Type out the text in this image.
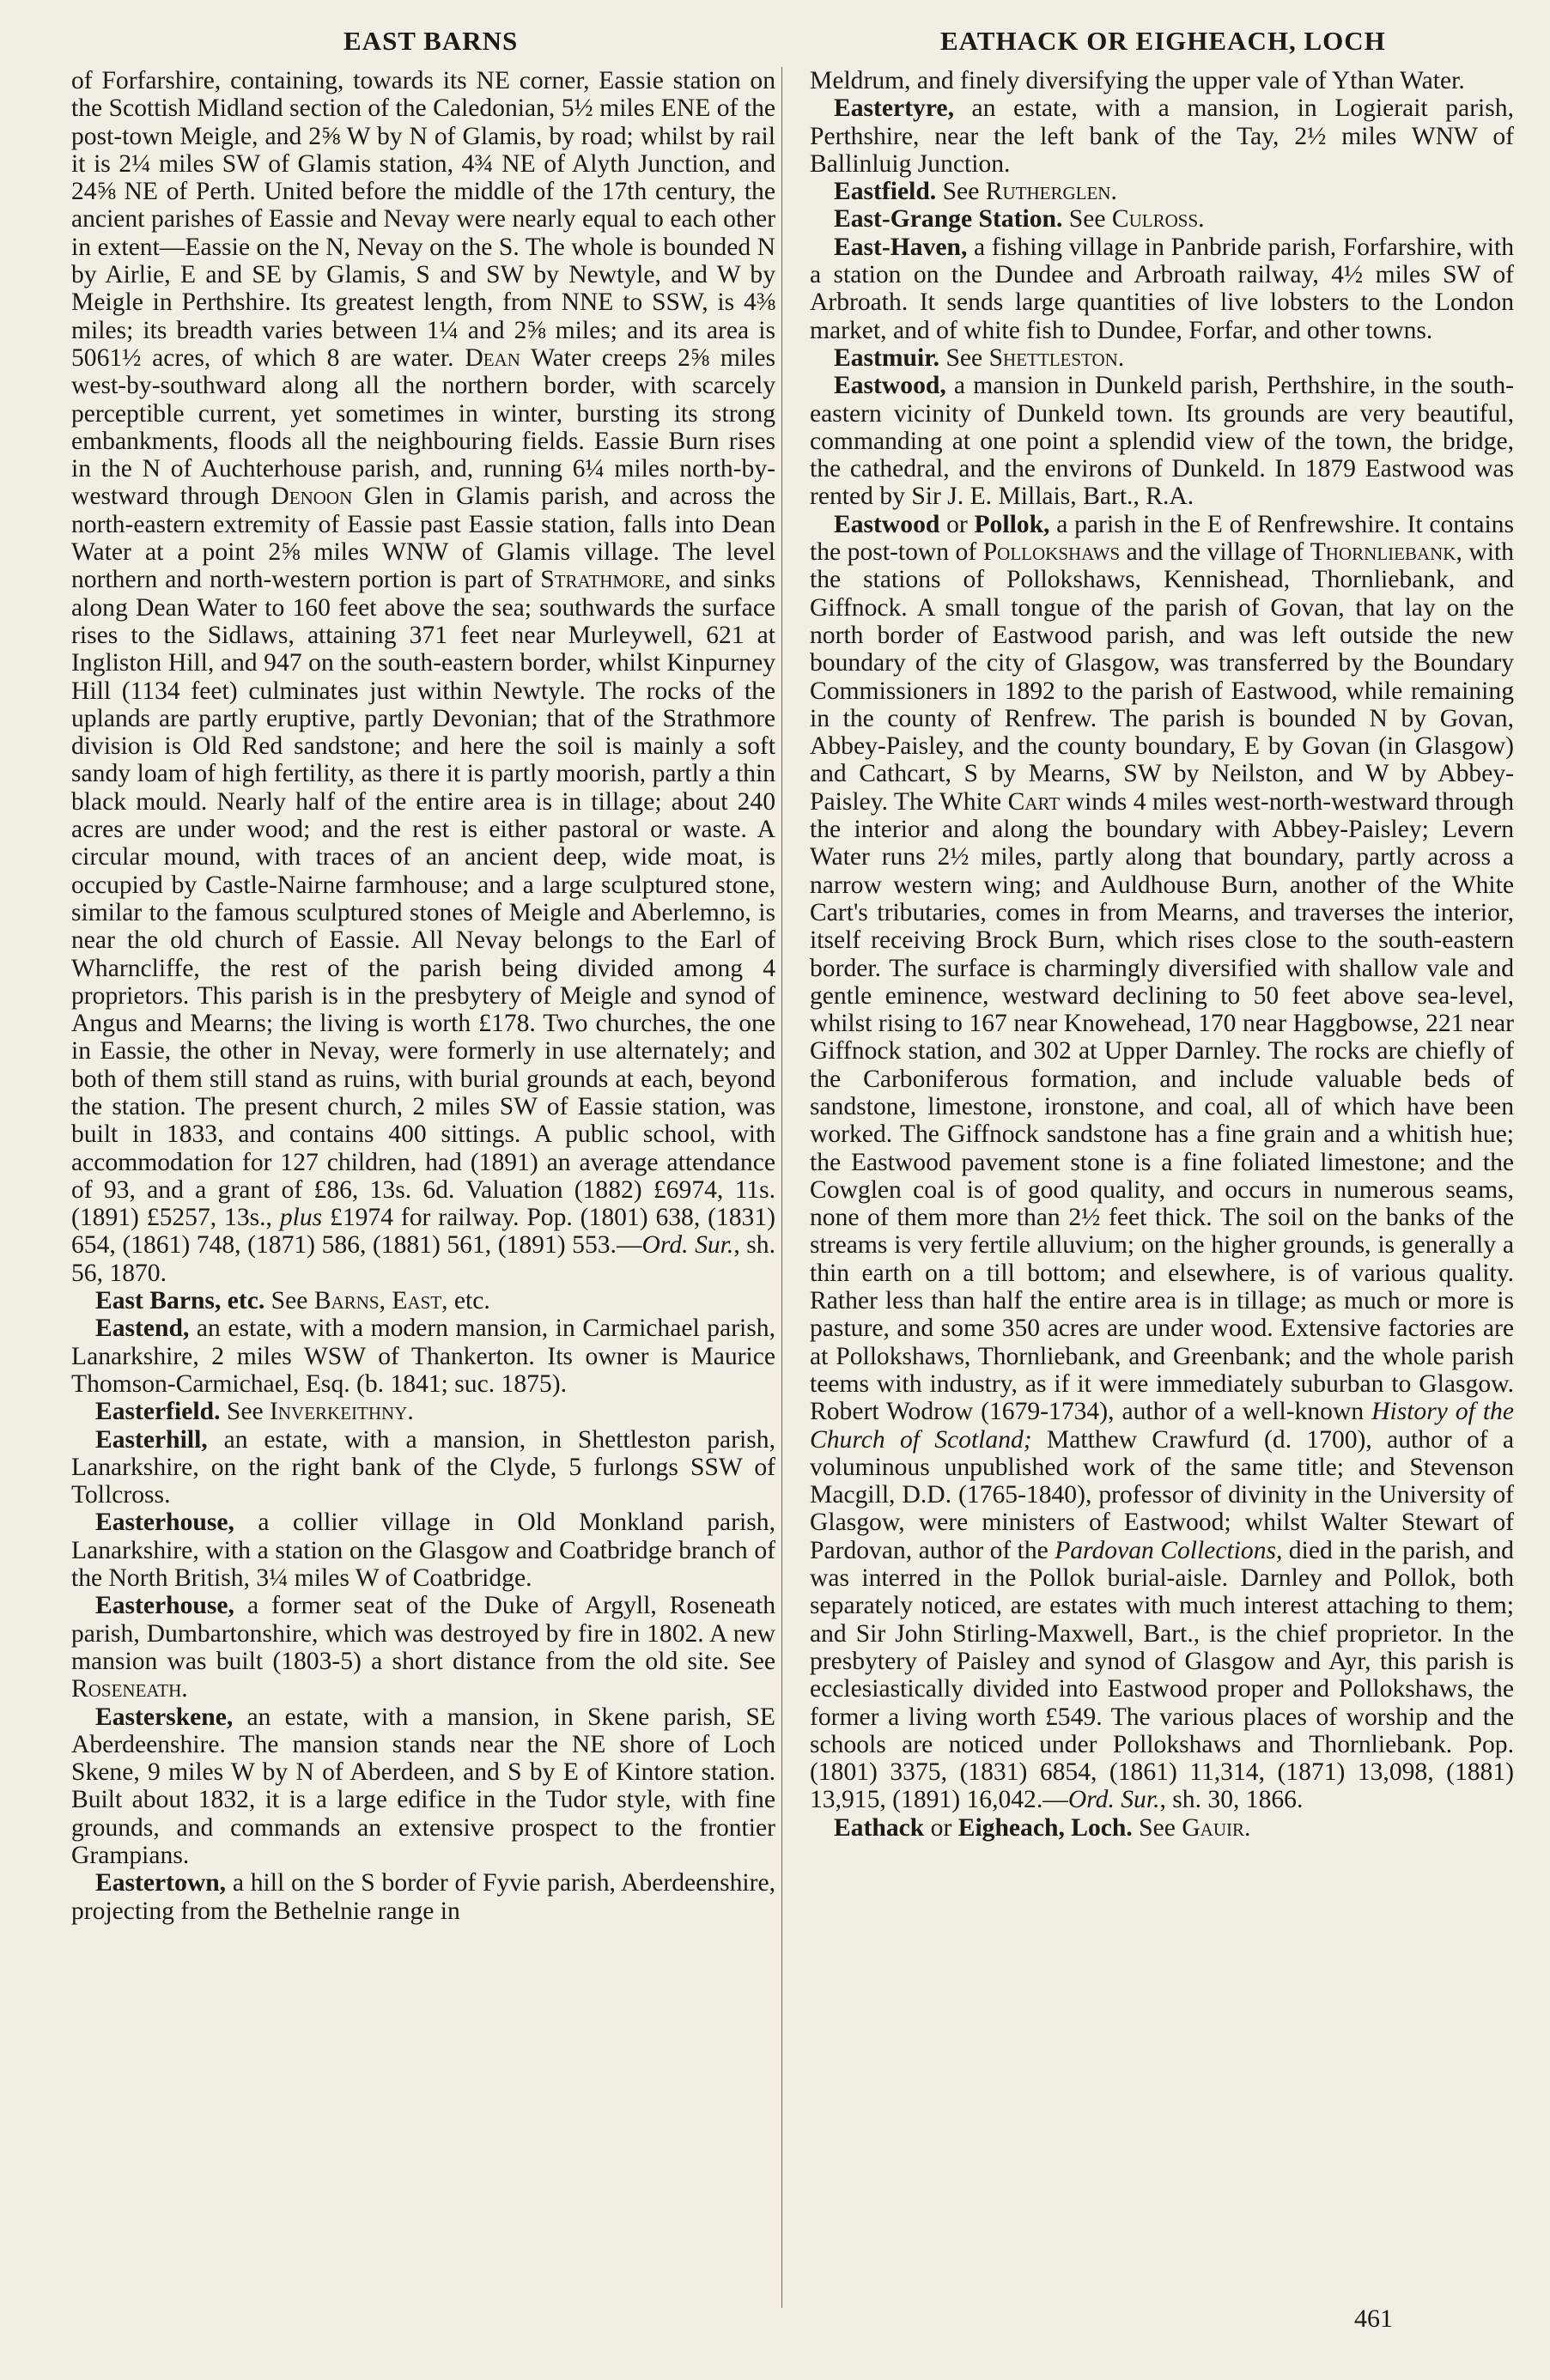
EAST BARNS	EATHACK OR EIGHEACH, LOCH

of Forfarshire, containing, towards its NE corner, Eassie station on the Scottish Midland section of the Caledonian, 5½ miles ENE of the post-town Meigle, and 2⅝ W by N of Glamis, by road; whilst by rail it is 2¼ miles SW of Glamis station, 4¾ NE of Alyth Junction, and 24⅝ NE of Perth. United before the middle of the 17th century, the ancient parishes of Eassie and Nevay were nearly equal to each other in extent—Eassie on the N, Nevay on the S. The whole is bounded N by Airlie, E and SE by Glamis, S and SW by Newtyle, and W by Meigle in Perthshire. Its greatest length, from NNE to SSW, is 4⅜ miles; its breadth varies between 1¼ and 2⅝ miles; and its area is 5061½ acres, of which 8 are water. Dean Water creeps 2⅝ miles west-by-southward along all the northern border, with scarcely perceptible current, yet sometimes in winter, bursting its strong embankments, floods all the neighbouring fields. Eassie Burn rises in the N of Auchterhouse parish, and, running 6¼ miles north-by-westward through Denoon Glen in Glamis parish, and across the north-eastern extremity of Eassie past Eassie station, falls into Dean Water at a point 2⅝ miles WNW of Glamis village. The level northern and north-western portion is part of Strathmore, and sinks along Dean Water to 160 feet above the sea; southwards the surface rises to the Sidlaws, attaining 371 feet near Murleywell, 621 at Ingliston Hill, and 947 on the south-eastern border, whilst Kinpurney Hill (1134 feet) culminates just within Newtyle. The rocks of the uplands are partly eruptive, partly Devonian; that of the Strathmore division is Old Red sandstone; and here the soil is mainly a soft sandy loam of high fertility, as there it is partly moorish, partly a thin black mould. Nearly half of the entire area is in tillage; about 240 acres are under wood; and the rest is either pastoral or waste. A circular mound, with traces of an ancient deep, wide moat, is occupied by Castle-Nairne farmhouse; and a large sculptured stone, similar to the famous sculptured stones of Meigle and Aberlemno, is near the old church of Eassie. All Nevay belongs to the Earl of Wharncliffe, the rest of the parish being divided among 4 proprietors. This parish is in the presbytery of Meigle and synod of Angus and Mearns; the living is worth £178. Two churches, the one in Eassie, the other in Nevay, were formerly in use alternately; and both of them still stand as ruins, with burial grounds at each, beyond the station. The present church, 2 miles SW of Eassie station, was built in 1833, and contains 400 sittings. A public school, with accommodation for 127 children, had (1891) an average attendance of 93, and a grant of £86, 13s. 6d. Valuation (1882) £6974, 11s. (1891) £5257, 13s., plus £1974 for railway. Pop. (1801) 638, (1831) 654, (1861) 748, (1871) 586, (1881) 561, (1891) 553.—Ord. Sur., sh. 56, 1870.

East Barns, etc. See Barns, East, etc.

Eastend, an estate, with a modern mansion, in Carmichael parish, Lanarkshire, 2 miles WSW of Thankerton. Its owner is Maurice Thomson-Carmichael, Esq. (b. 1841; suc. 1875).

Easterfield. See Inverkeithny.

Easterhill, an estate, with a mansion, in Shettleston parish, Lanarkshire, on the right bank of the Clyde, 5 furlongs SSW of Tollcross.

Easterhouse, a collier village in Old Monkland parish, Lanarkshire, with a station on the Glasgow and Coatbridge branch of the North British, 3¼ miles W of Coatbridge.

Easterhouse, a former seat of the Duke of Argyll, Roseneath parish, Dumbartonshire, which was destroyed by fire in 1802. A new mansion was built (1803-5) a short distance from the old site. See Roseneath.

Easterskene, an estate, with a mansion, in Skene parish, SE Aberdeenshire. The mansion stands near the NE shore of Loch Skene, 9 miles W by N of Aberdeen, and S by E of Kintore station. Built about 1832, it is a large edifice in the Tudor style, with fine grounds, and commands an extensive prospect to the frontier Grampians.

Eastertown, a hill on the S border of Fyvie parish, Aberdeenshire, projecting from the Bethelnie range in

Meldrum, and finely diversifying the upper vale of Ythan Water.

Eastertyre, an estate, with a mansion, in Logierait parish, Perthshire, near the left bank of the Tay, 2½ miles WNW of Ballinluig Junction.

Eastfield. See Rutherglen.

East-Grange Station. See Culross.

East-Haven, a fishing village in Panbride parish, Forfarshire, with a station on the Dundee and Arbroath railway, 4½ miles SW of Arbroath. It sends large quantities of live lobsters to the London market, and of white fish to Dundee, Forfar, and other towns.

Eastmuir. See Shettleston.

Eastwood, a mansion in Dunkeld parish, Perthshire, in the south-eastern vicinity of Dunkeld town. Its grounds are very beautiful, commanding at one point a splendid view of the town, the bridge, the cathedral, and the environs of Dunkeld. In 1879 Eastwood was rented by Sir J. E. Millais, Bart., R.A.

Eastwood or Pollok, a parish in the E of Renfrewshire. It contains the post-town of Pollokshaws and the village of Thornliebank, with the stations of Pollokshaws, Kennishead, Thornliebank, and Giffnock. A small tongue of the parish of Govan, that lay on the north border of Eastwood parish, and was left outside the new boundary of the city of Glasgow, was transferred by the Boundary Commissioners in 1892 to the parish of Eastwood, while remaining in the county of Renfrew. The parish is bounded N by Govan, Abbey-Paisley, and the county boundary, E by Govan (in Glasgow) and Cathcart, S by Mearns, SW by Neilston, and W by Abbey-Paisley. The White Cart winds 4 miles west-north-westward through the interior and along the boundary with Abbey-Paisley; Levern Water runs 2½ miles, partly along that boundary, partly across a narrow western wing; and Auldhouse Burn, another of the White Cart's tributaries, comes in from Mearns, and traverses the interior, itself receiving Brock Burn, which rises close to the south-eastern border. The surface is charmingly diversified with shallow vale and gentle eminence, westward declining to 50 feet above sea-level, whilst rising to 167 near Knowehead, 170 near Haggbowse, 221 near Giffnock station, and 302 at Upper Darnley. The rocks are chiefly of the Carboniferous formation, and include valuable beds of sandstone, limestone, ironstone, and coal, all of which have been worked. The Giffnock sandstone has a fine grain and a whitish hue; the Eastwood pavement stone is a fine foliated limestone; and the Cowglen coal is of good quality, and occurs in numerous seams, none of them more than 2½ feet thick. The soil on the banks of the streams is very fertile alluvium; on the higher grounds, is generally a thin earth on a till bottom; and elsewhere, is of various quality. Rather less than half the entire area is in tillage; as much or more is pasture, and some 350 acres are under wood. Extensive factories are at Pollokshaws, Thornliebank, and Greenbank; and the whole parish teems with industry, as if it were immediately suburban to Glasgow. Robert Wodrow (1679-1734), author of a well-known History of the Church of Scotland; Matthew Crawfurd (d. 1700), author of a voluminous unpublished work of the same title; and Stevenson Macgill, D.D. (1765-1840), professor of divinity in the University of Glasgow, were ministers of Eastwood; whilst Walter Stewart of Pardovan, author of the Pardovan Collections, died in the parish, and was interred in the Pollok burial-aisle. Darnley and Pollok, both separately noticed, are estates with much interest attaching to them; and Sir John Stirling-Maxwell, Bart., is the chief proprietor. In the presbytery of Paisley and synod of Glasgow and Ayr, this parish is ecclesiastically divided into Eastwood proper and Pollokshaws, the former a living worth £549. The various places of worship and the schools are noticed under Pollokshaws and Thornliebank. Pop. (1801) 3375, (1831) 6854, (1861) 11,314, (1871) 13,098, (1881) 13,915, (1891) 16,042.—Ord. Sur., sh. 30, 1866.

Eathack or Eigheach, Loch. See Gauir.

461
